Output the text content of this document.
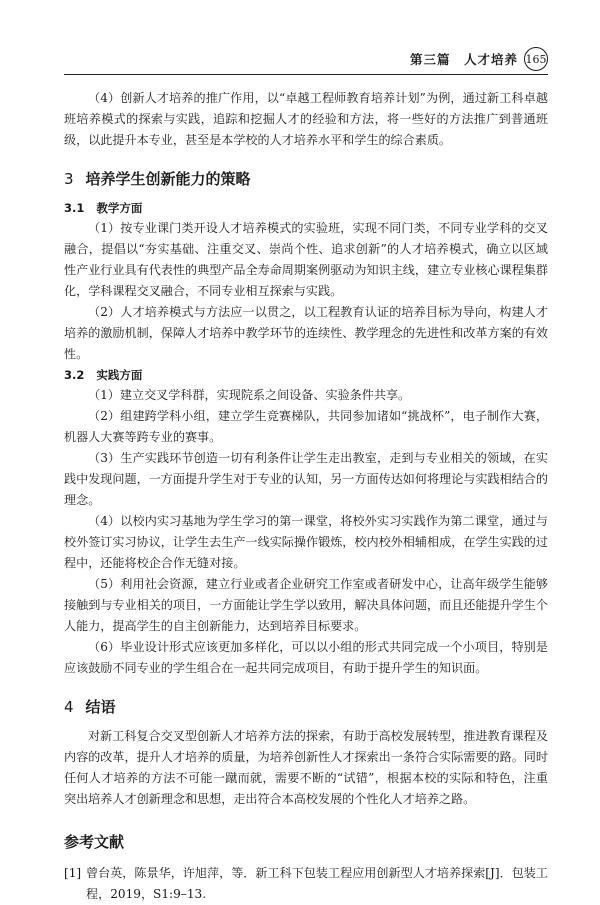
第三篇　人才培养 165

（4）创新人才培养的推广作用，以“卓越工程师教育培养计划”为例，通过新工科卓越班培养模式的探索与实践，追踪和挖掘人才的经验和方法，将一些好的方法推广到普通班级，以此提升本专业，甚至是本学校的人才培养水平和学生的综合素质。

3 培养学生创新能力的策略
3.1 教学方面

（1）按专业课门类开设人才培养模式的实验班，实现不同门类，不同专业学科的交叉融合，提倡以“夯实基础、注重交叉、崇尚个性、追求创新”的人才培养模式，确立以区域性产业行业具有代表性的典型产品全寿命周期案例驱动为知识主线，建立专业核心课程集群化，学科课程交叉融合，不同专业相互探索与实践。

（2）人才培养模式与方法应一以贯之，以工程教育认证的培养目标为导向，构建人才培养的激励机制，保障人才培养中教学环节的连续性、教学理念的先进性和改革方案的有效性。

3.2 实践方面

（1）建立交叉学科群，实现院系之间设备、实验条件共享。

（2）组建跨学科小组，建立学生竞赛梯队，共同参加诸如“挑战杯”，电子制作大赛，机器人大赛等跨专业的赛事。

（3）生产实践环节创造一切有利条件让学生走出教室，走到与专业相关的领域，在实践中发现问题，一方面提升学生对于专业的认知，另一方面传达如何将理论与实践相结合的理念。

（4）以校内实习基地为学生学习的第一课堂，将校外实习实践作为第二课堂，通过与校外签订实习协议，让学生去生产一线实际操作锻炼，校内校外相辅相成，在学生实践的过程中，还能将校企合作无缝对接。

（5）利用社会资源，建立行业或者企业研究工作室或者研发中心，让高年级学生能够接触到与专业相关的项目，一方面能让学生学以致用，解决具体问题，而且还能提升学生个人能力，提高学生的自主创新能力，达到培养目标要求。

（6）毕业设计形式应该更加多样化，可以以小组的形式共同完成一个小项目，特别是应该鼓励不同专业的学生组合在一起共同完成项目，有助于提升学生的知识面。

4 结语

对新工科复合交叉型创新人才培养方法的探索，有助于高校发展转型，推进教育课程及内容的改革，提升人才培养的质量，为培养创新性人才探索出一条符合实际需要的路。同时任何人才培养的方法不可能一蹴而就，需要不断的“试错”，根据本校的实际和特色，注重突出培养人才创新理念和思想，走出符合本高校发展的个性化人才培养之路。

参考文献
[1] 曾台英，陈景华，许旭萍，等．新工科下包装工程应用创新型人才培养探索[J]．包装工程，2019，S1:9–13.
